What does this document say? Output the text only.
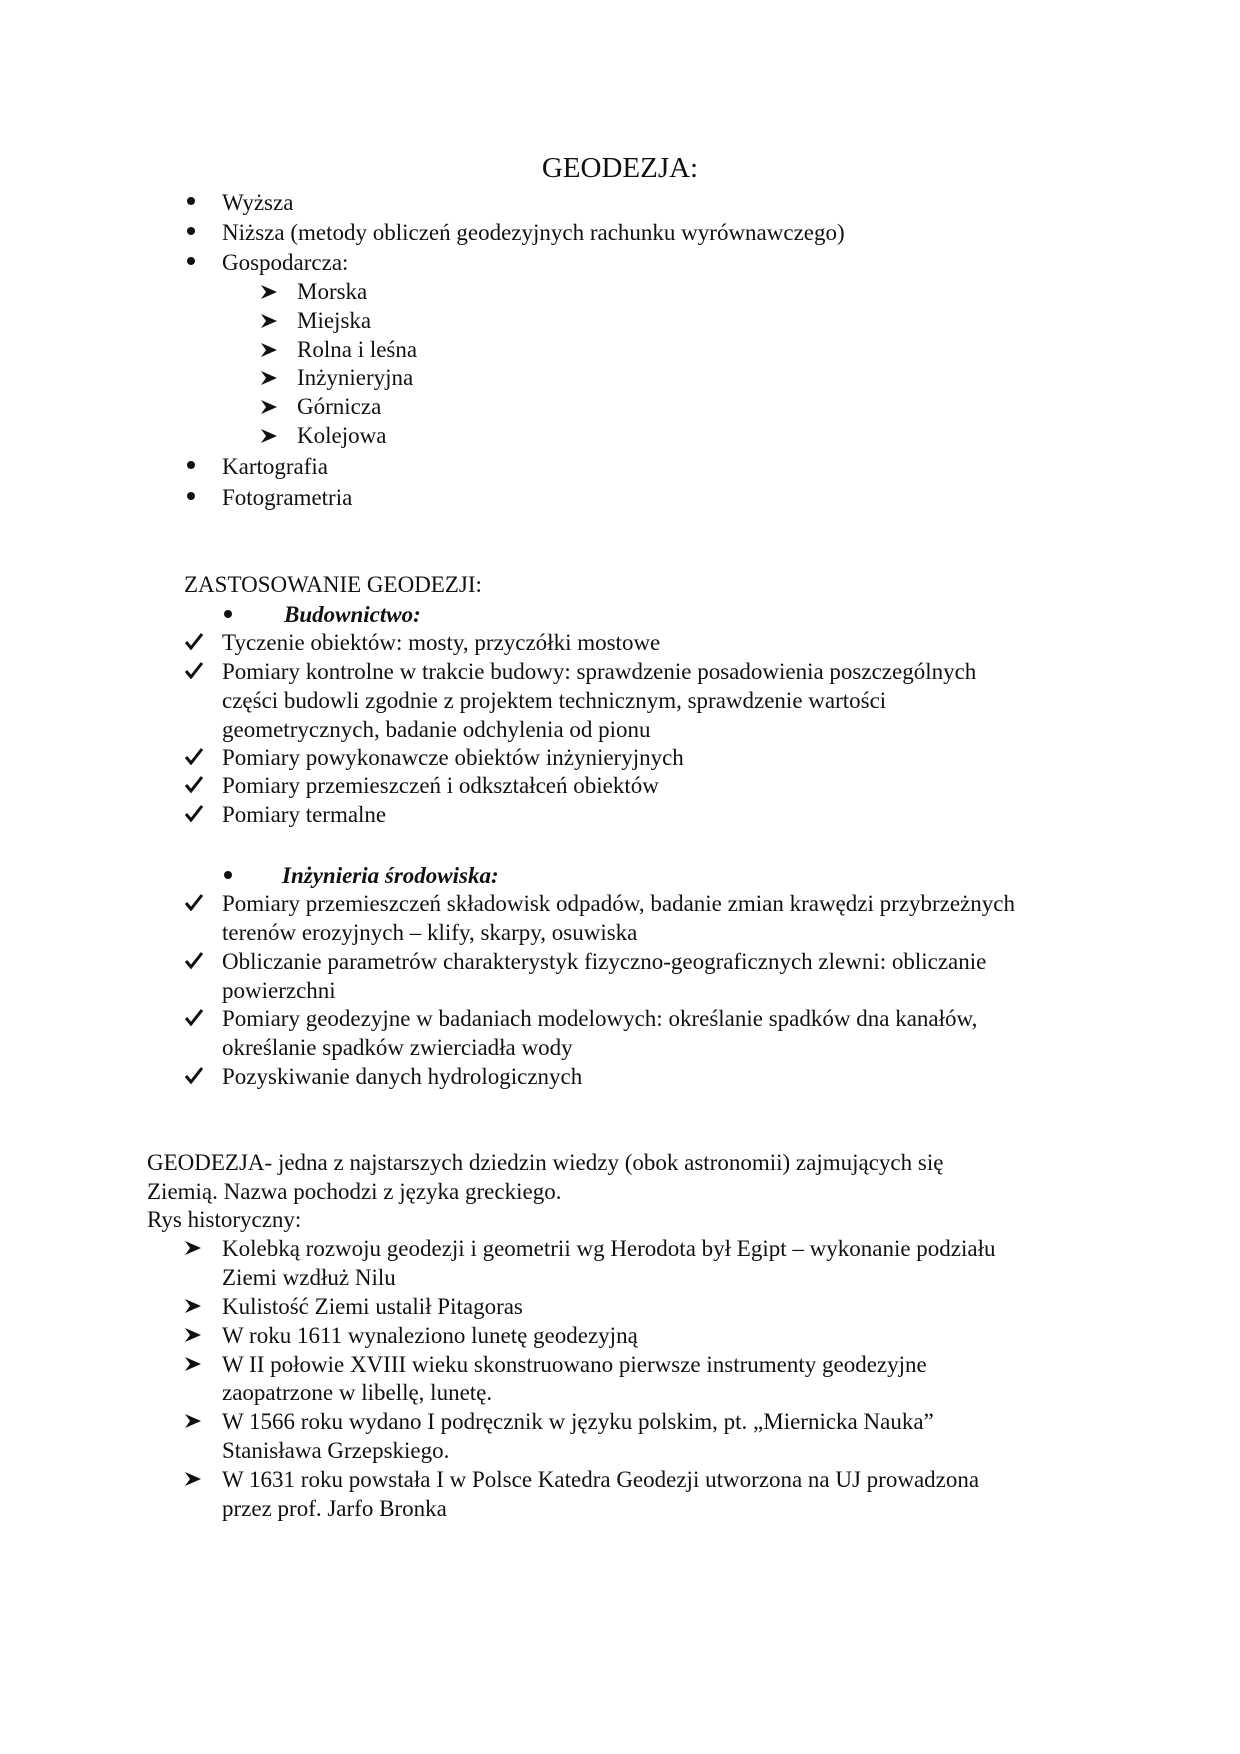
GEODEZJA:
Wyższa
Niższa (metody obliczeń geodezyjnych rachunku wyrównawczego)
Gospodarcza:
Morska
Miejska
Rolna i leśna
Inżynieryjna
Górnicza
Kolejowa
Kartografia
Fotogrametria
ZASTOSOWANIE GEODEZJI:
Budownictwo:
Tyczenie obiektów: mosty, przyczółki mostowe
Pomiary kontrolne w trakcie budowy: sprawdzenie posadowienia poszczególnych
części budowli zgodnie z projektem technicznym, sprawdzenie wartości
geometrycznych, badanie odchylenia od pionu
Pomiary powykonawcze obiektów inżynieryjnych
Pomiary przemieszczeń i odkształceń obiektów
Pomiary termalne
Inżynieria środowiska:
Pomiary przemieszczeń składowisk odpadów, badanie zmian krawędzi przybrzeżnych
terenów erozyjnych – klify, skarpy, osuwiska
Obliczanie parametrów charakterystyk fizyczno-geograficznych zlewni: obliczanie
powierzchni
Pomiary geodezyjne w badaniach modelowych: określanie spadków dna kanałów,
określanie spadków zwierciadła wody
Pozyskiwanie danych hydrologicznych
GEODEZJA- jedna z najstarszych dziedzin wiedzy (obok astronomii) zajmujących się
Ziemią. Nazwa pochodzi z języka greckiego.
Rys historyczny:
Kolebką rozwoju geodezji i geometrii wg Herodota był Egipt – wykonanie podziału
Ziemi wzdłuż Nilu
Kulistość Ziemi ustalił Pitagoras
W roku 1611 wynaleziono lunetę geodezyjną
W II połowie XVIII wieku skonstruowano pierwsze instrumenty geodezyjne
zaopatrzone w libellę, lunetę.
W 1566 roku wydano I podręcznik w języku polskim, pt. „Miernicka Nauka”
Stanisława Grzepskiego.
W 1631 roku powstała I w Polsce Katedra Geodezji utworzona na UJ prowadzona
przez prof. Jarfo Bronka
